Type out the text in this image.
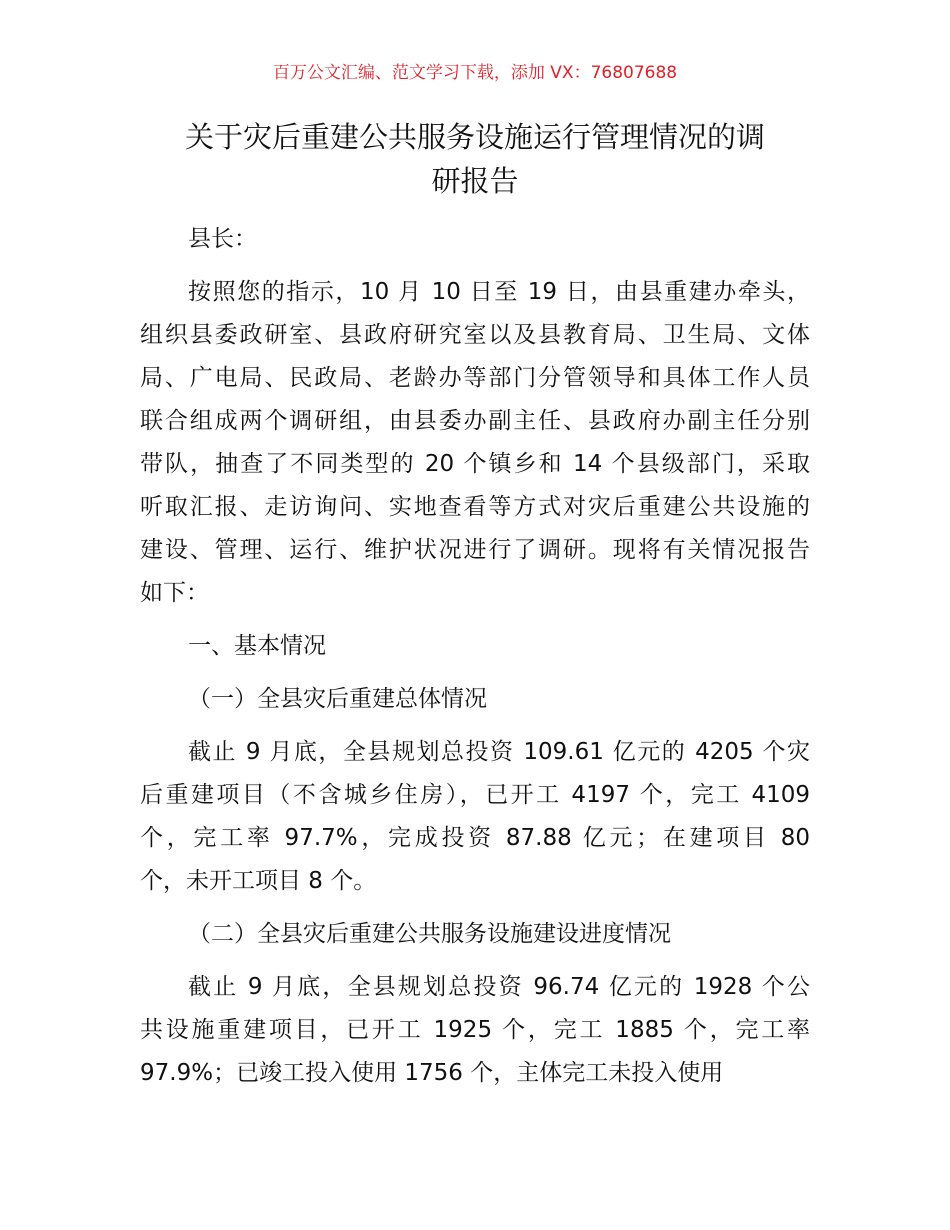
百万公文汇编、范文学习下载，添加 VX：76807688
关于灾后重建公共服务设施运行管理情况的调
研报告
县长：
按照您的指示，10 月 10 日至 19 日，由县重建办牵头，
组织县委政研室、县政府研究室以及县教育局、卫生局、文体
局、广电局、民政局、老龄办等部门分管领导和具体工作人员
联合组成两个调研组，由县委办副主任、县政府办副主任分别
带队，抽查了不同类型的 20 个镇乡和 14 个县级部门，采取
听取汇报、走访询问、实地查看等方式对灾后重建公共设施的
建设、管理、运行、维护状况进行了调研。现将有关情况报告
如下：
一、基本情况
（一）全县灾后重建总体情况
截止 9 月底，全县规划总投资 109.61 亿元的 4205 个灾
后重建项目（不含城乡住房），已开工 4197 个，完工 4109
个，完工率 97.7%，完成投资 87.88 亿元；在建项目 80
个，未开工项目 8 个。
（二）全县灾后重建公共服务设施建设进度情况
截止 9 月底，全县规划总投资 96.74 亿元的 1928 个公
共设施重建项目，已开工 1925 个，完工 1885 个，完工率
97.9%；已竣工投入使用 1756 个，主体完工未投入使用
